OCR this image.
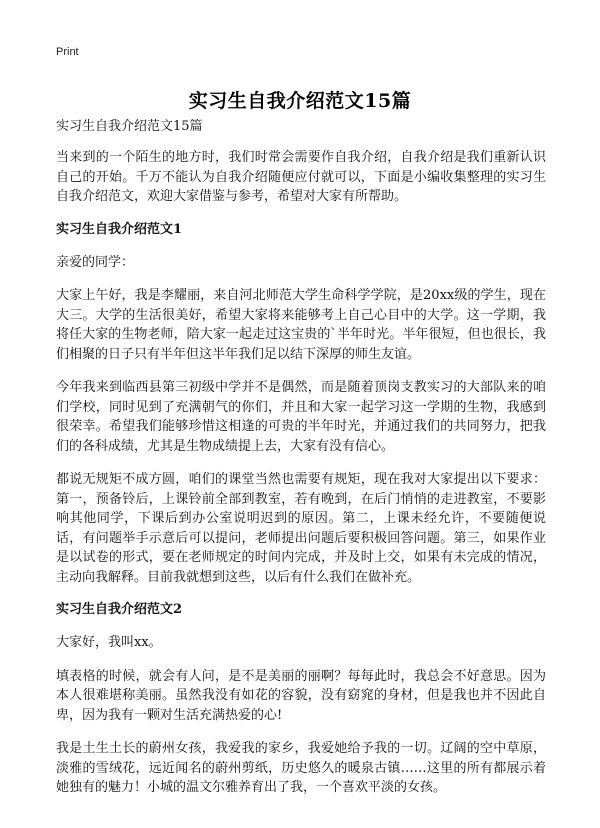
Print
实习生自我介绍范文15篇

实习生自我介绍范文15篇

当来到的一个陌生的地方时，我们时常会需要作自我介绍，自我介绍是我们重新认识自己的开始。千万不能认为自我介绍随便应付就可以，下面是小编收集整理的实习生自我介绍范文，欢迎大家借鉴与参考，希望对大家有所帮助。

实习生自我介绍范文1

亲爱的同学：

大家上午好，我是李耀丽，来自河北师范大学生命科学学院，是20xx级的学生，现在大三。大学的生活很美好，希望大家将来能够考上自己心目中的大学。这一学期，我将任大家的生物老师，陪大家一起走过这宝贵的`半年时光。半年很短，但也很长，我们相聚的日子只有半年但这半年我们足以结下深厚的师生友谊。

今年我来到临西县第三初级中学并不是偶然，而是随着顶岗支教实习的大部队来的咱们学校，同时见到了充满朝气的你们，并且和大家一起学习这一学期的生物，我感到很荣幸。希望我们能够珍惜这相逢的可贵的半年时光，并通过我们的共同努力，把我们的各科成绩，尤其是生物成绩提上去，大家有没有信心。

都说无规矩不成方圆，咱们的课堂当然也需要有规矩，现在我对大家提出以下要求：第一，预备铃后，上课铃前全部到教室，若有晚到，在后门悄悄的走进教室，不要影响其他同学，下课后到办公室说明迟到的原因。第二，上课未经允许，不要随便说话，有问题举手示意后可以提问，老师提出问题后要积极回答问题。第三，如果作业是以试卷的形式，要在老师规定的时间内完成，并及时上交，如果有未完成的情况，主动向我解释。目前我就想到这些，以后有什么我们在做补充。

实习生自我介绍范文2

大家好，我叫xx。

填表格的时候，就会有人问，是不是美丽的丽啊？每每此时，我总会不好意思。因为本人很难堪称美丽。虽然我没有如花的容貌，没有窈窕的身材，但是我也并不因此自卑，因为我有一颗对生活充满热爱的心!

我是土生土长的蔚州女孩，我爱我的家乡，我爱她给予我的一切。辽阔的空中草原，淡雅的雪绒花，远近闻名的蔚州剪纸，历史悠久的暖泉古镇……这里的所有都展示着她独有的魅力！小城的温文尔雅养育出了我，一个喜欢平淡的女孩。
